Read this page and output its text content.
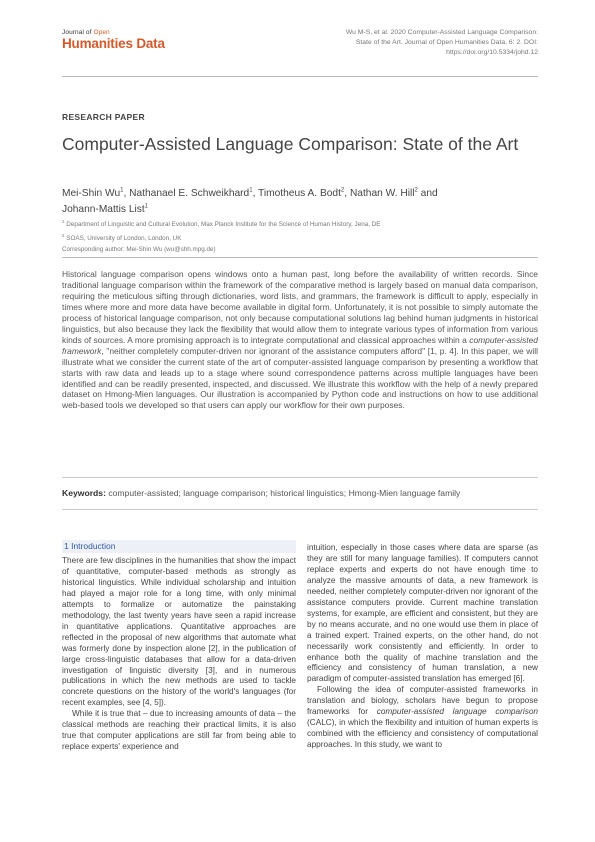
Journal of Open
Humanities Data
Wu M-S, et al. 2020 Computer-Assisted Language Comparison:
State of the Art. Journal of Open Humanities Data, 6: 2. DOI:
https://doi.org/10.5334/johd.12
RESEARCH PAPER
Computer-Assisted Language Comparison: State of the Art
Mei-Shin Wu$^1$, Nathanael E. Schweikhard$^1$, Timotheus A. Bodt$^2$, Nathan W. Hill$^2$ and
Johann-Mattis List$^1$
$^1$ Department of Linguistic and Cultural Evolution, Max Planck Institute for the Science of Human History, Jena, DE
$^2$ SOAS, University of London, London, UK
Corresponding author: Mei-Shin Wu (wu@shh.mpg.de)
Historical language comparison opens windows onto a human past, long before the availability of written records. Since traditional language comparison within the framework of the comparative method is largely based on manual data comparison, requiring the meticulous sifting through dictionaries, word lists, and grammars, the framework is difficult to apply, especially in times where more and more data have become available in digital form. Unfortunately, it is not possible to simply automate the process of historical language comparison, not only because computational solutions lag behind human judgments in historical linguistics, but also because they lack the flexibility that would allow them to integrate various types of information from various kinds of sources. A more promising approach is to integrate computational and classical approaches within a computer-assisted framework, "neither completely computer-driven nor ignorant of the assistance computers afford" [1, p. 4]. In this paper, we will illustrate what we consider the current state of the art of computer-assisted language comparison by presenting a workflow that starts with raw data and leads up to a stage where sound correspondence patterns across multiple languages have been identified and can be readily presented, inspected, and discussed. We illustrate this workflow with the help of a newly prepared dataset on Hmong-Mien languages. Our illustration is accompanied by Python code and instructions on how to use additional web-based tools we developed so that users can apply our workflow for their own purposes.
Keywords: computer-assisted; language comparison; historical linguistics; Hmong-Mien language family
1 Introduction

There are few disciplines in the humanities that show the impact of quantitative, computer-based methods as strongly as historical linguistics. While individual scholarship and intuition had played a major role for a long time, with only minimal attempts to formalize or automatize the painstaking methodology, the last twenty years have seen a rapid increase in quantitative applications. Quantitative approaches are reflected in the proposal of new algorithms that automate what was formerly done by inspection alone [2], in the publication of large cross-linguistic databases that allow for a data-driven investigation of linguistic diversity [3], and in numerous publications in which the new methods are used to tackle concrete questions on the history of the world's languages (for recent examples, see [4, 5]).

While it is true that – due to increasing amounts of data – the classical methods are reaching their practical limits, it is also true that computer applications are still far from being able to replace experts' experience and

intuition, especially in those cases where data are sparse (as they are still for many language families). If computers cannot replace experts and experts do not have enough time to analyze the massive amounts of data, a new framework is needed, neither completely computer-driven nor ignorant of the assistance computers provide. Current machine translation systems, for example, are efficient and consistent, but they are by no means accurate, and no one would use them in place of a trained expert. Trained experts, on the other hand, do not necessarily work consistently and efficiently. In order to enhance both the quality of machine translation and the efficiency and consistency of human translation, a new paradigm of computer-assisted translation has emerged [6].

Following the idea of computer-assisted frameworks in translation and biology, scholars have begun to propose frameworks for computer-assisted language comparison (CALC), in which the flexibility and intuition of human experts is combined with the efficiency and consistency of computational approaches. In this study, we want to
